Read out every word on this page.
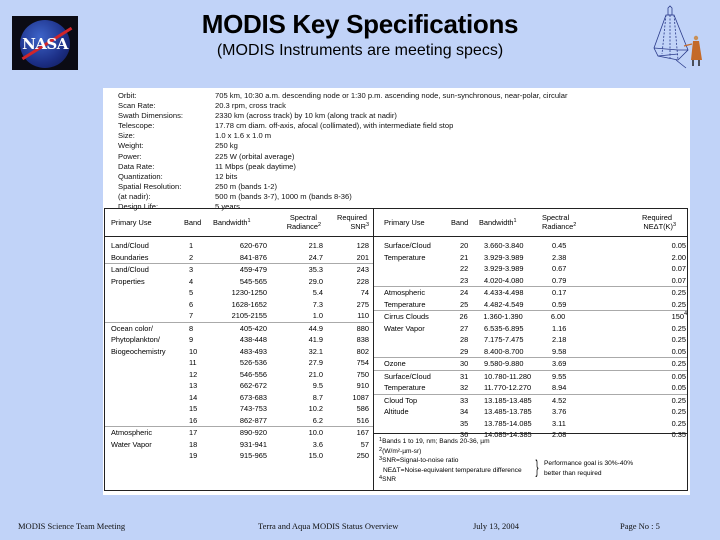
NASA
MODIS Key Specifications
(MODIS Instruments are meeting specs)
Orbit:	705 km, 10:30 a.m. descending node or 1:30 p.m. ascending node, sun-synchronous, near-polar, circular
Scan Rate:	20.3 rpm, cross track
Swath Dimensions:	2330 km (across track) by 10 km (along track at nadir)
Telescope:	17.78 cm diam. off-axis, afocal (collimated), with intermediate field stop
Size:	1.0 x 1.6 x 1.0 m
Weight:	250 kg
Power:	225 W (orbital average)
Data Rate:	11 Mbps (peak daytime)
Quantization:	12 bits
Spatial Resolution:	250 m (bands 1-2)
(at nadir):	500 m (bands 3-7), 1000 m (bands 8-36)
Design Life:	5 years
Primary Use	Band Bandwidth$^1$	Spectral
Radiance$^2$
Required
SNR$^3$
Land/Cloud	1	620-670	21.8	128
Boundaries	2	841-876	24.7	201
Land/Cloud	3	459-479	35.3	243
Properties	4	545-565	29.0	228
5	1230-1250	5.4	74
6	1628-1652	7.3	275
7	2105-2155	1.0	110
Ocean color/	8	405-420	44.9	880
Phytoplankton/	9	438-448	41.9	838
Biogeochemistry	10	483-493	32.1	802
11	526-536	27.9	754
12	546-556	21.0	750
13	662-672	9.5	910
14	673-683	8.7	1087
15	743-753	10.2	586
16	862-877	6.2	516
Atmospheric	17	890-920	10.0	167
Water Vapor	18	931-941	3.6	57
19	915-965	15.0	250
Primary Use	Band Bandwidth$^1$	Spectral
Radiance$^2$
Required
$NE\Delta T(K)^3$
Surface/Cloud	20	3.660-3.840	0.45	0.05
Temperature	21	3.929-3.989	2.38	2.00
22	3.929-3.989	0.67	0.07
23	4.020-4.080	0.79	0.07
Atmospheric	24	4.433-4.498	0.17	0.25
Temperature	25	4.482-4.549	0.59	0.25
Cirrus Clouds	26	1.360-1.390	6.00	150 4
Water Vapor	27	6.535-6.895	1.16	0.25
28	7.175-7.475	2.18	0.25
29	8.400-8.700	9.58	0.05
Ozone	30	9.580-9.880	3.69	0.25
Surface/Cloud	31	10.780-11.280	9.55	0.05
Temperature	32	11.770-12.270	8.94	0.05
Cloud Top	33	13.185-13.485	4.52	0.25
Altitude	34	13.485-13.785	3.76	0.25
35	13.785-14.085	3.11	0.25
36	14.085-14.385	2.08	0.35
$^1$Bands 1 to 19, nm; Bands 20-36, µm
$^2$(W/m²-µm-sr)
$^3$SNR=Signal-to-noise ratio
NEΔT=Noise-equivalent temperature difference
$^4$SNR
} Performance goal is 30%-40%
better than required
MODIS Science Team Meeting	Terra and Aqua MODIS Status Overview	July 13, 2004	Page No : 5
